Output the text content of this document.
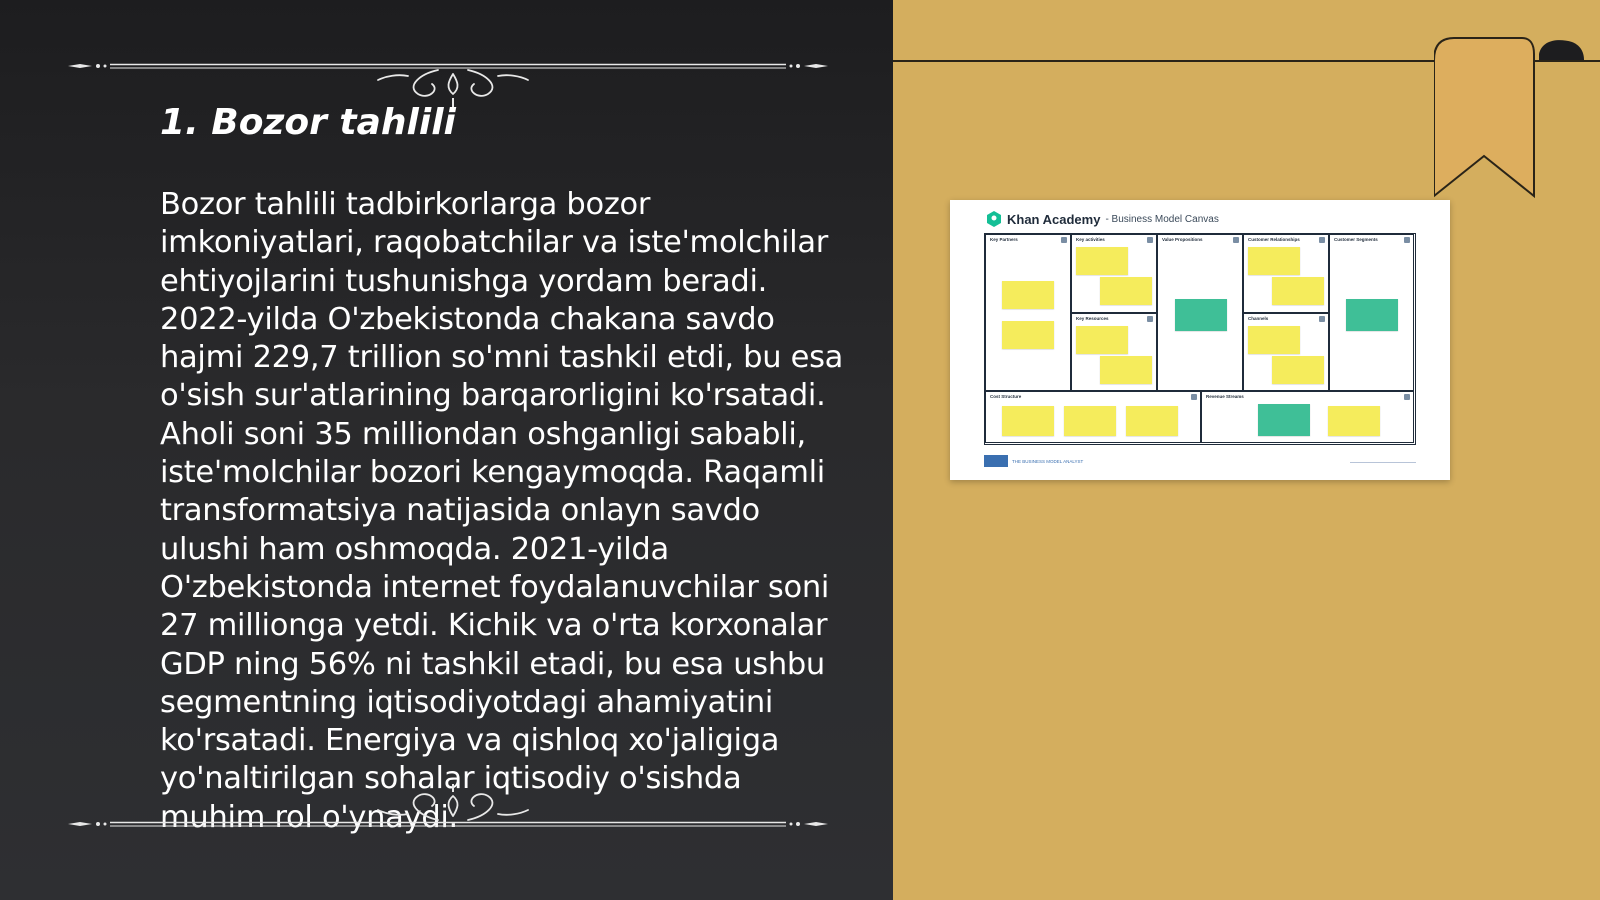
1. Bozor tahlili

Bozor tahlili tadbirkorlarga bozor imkoniyatlari, raqobatchilar va iste'molchilar ehtiyojlarini tushunishga yordam beradi. 2022-yilda O'zbekistonda chakana savdo hajmi 229,7 trillion so'mni tashkil etdi, bu esa o'sish sur'atlarining barqarorligini ko'rsatadi. Aholi soni 35 milliondan oshganligi sababli, iste'molchilar bozori kengaymoqda. Raqamli transformatsiya natijasida onlayn savdo ulushi ham oshmoqda. 2021-yilda O'zbekistonda internet foydalanuvchilar soni 27 millionga yetdi. Kichik va o'rta korxonalar GDP ning 56% ni tashkil etadi, bu esa ushbu segmentning iqtisodiyotdagi ahamiyatini ko'rsatadi. Energiya va qishloq xo'jaligiga yo'naltirilgan sohalar iqtisodiy o'sishda muhim rol o'ynaydi.

Khan Academy - Business Model Canvas
Key Partners	Key activities
Key Resources
Value Propositions	Customer Relationships
Channels
Customer Segments
Cost Structure	Revenue Streams
THE BUSINESS MODEL ANALYST
